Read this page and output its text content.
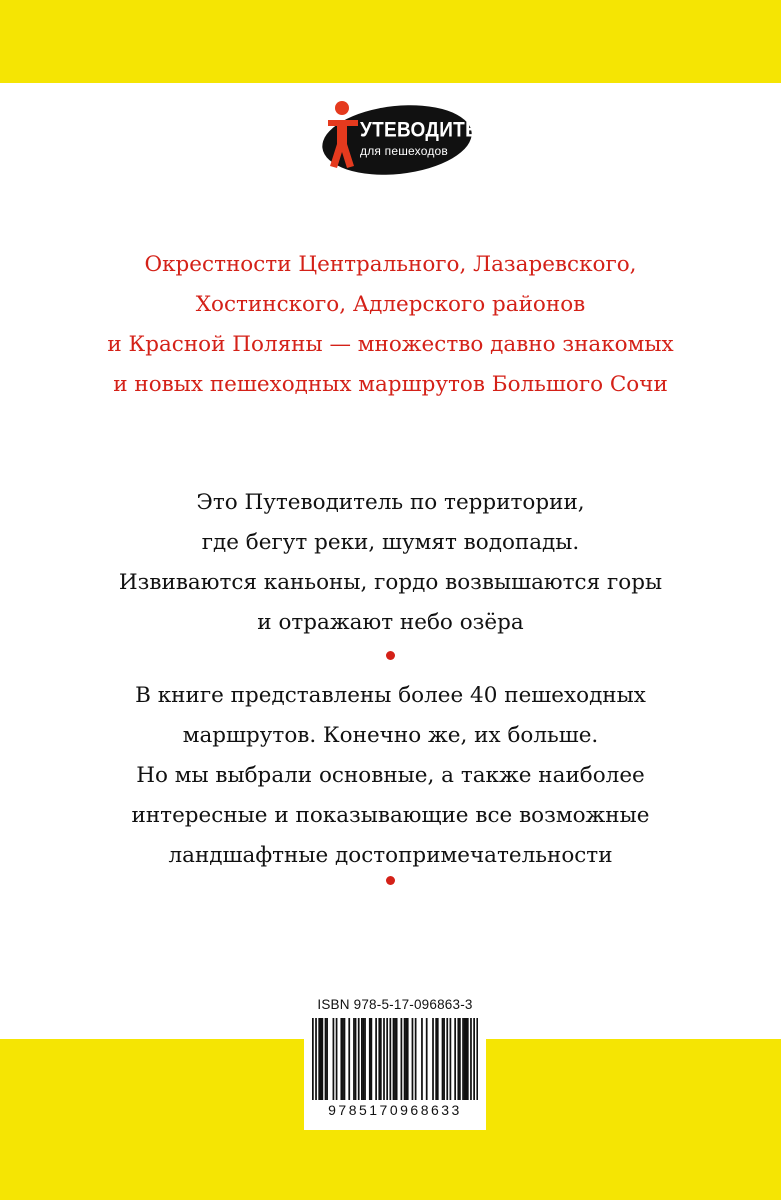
УТЕВОДИТЕЛИ
для пешеходов

Окрестности Центрального, Лазаревского,
Хостинского, Адлерского районов
и Красной Поляны — множество давно знакомых
и новых пешеходных маршрутов Большого Сочи

Это Путеводитель по территории,
где бегут реки, шумят водопады.
Извиваются каньоны, гордо возвышаются горы
и отражают небо озёра

В книге представлены более 40 пешеходных
маршрутов. Конечно же, их больше.
Но мы выбрали основные, а также наиболее
интересные и показывающие все возможные
ландшафтные достопримечательности

ISBN 978-5-17-096863-3
9785170968633
